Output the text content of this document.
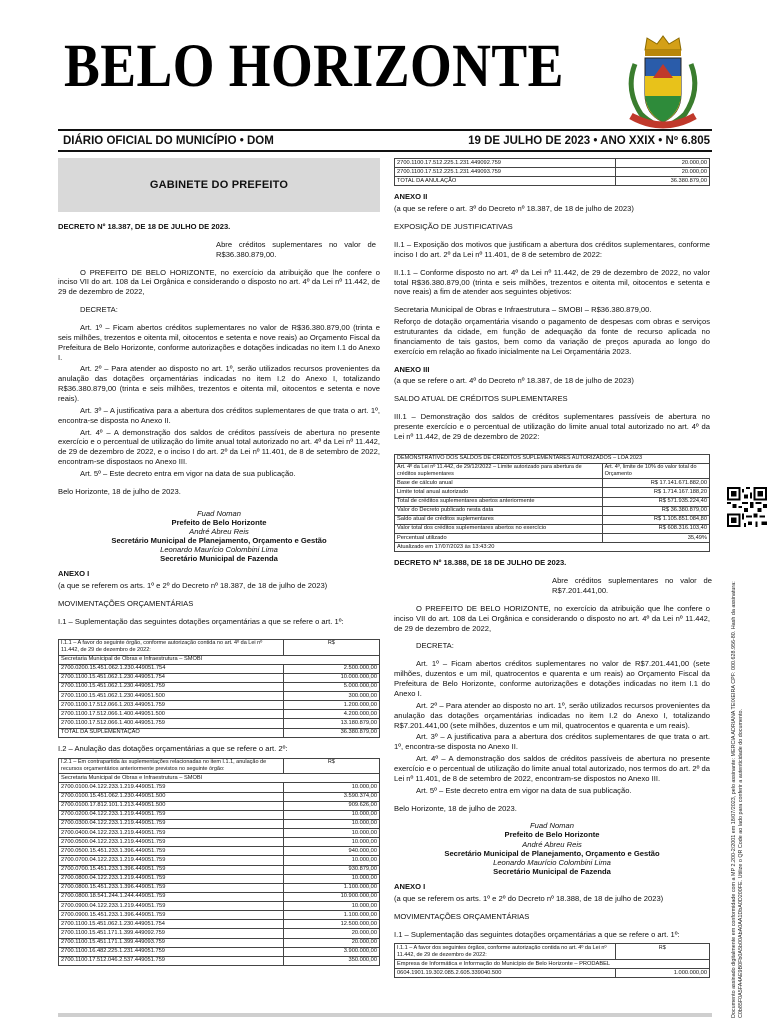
BELO HORIZONTE
DIÁRIO OFICIAL DO MUNICÍPIO • DOM	19 DE JULHO DE 2023 • ANO XXIX • Nº 6.805
GABINETE DO PREFEITO

DECRETO Nº 18.387, DE 18 DE JULHO DE 2023.

Abre créditos suplementares no valor de R$36.380.879,00.

O PREFEITO DE BELO HORIZONTE, no exercício da atribuição que lhe confere o inciso VII do art. 108 da Lei Orgânica e considerando o disposto no art. 4º da Lei nº 11.442, de 29 de dezembro de 2022,

DECRETA:

Art. 1º – Ficam abertos créditos suplementares no valor de R$36.380.879,00 (trinta e seis milhões, trezentos e oitenta mil, oitocentos e setenta e nove reais) ao Orçamento Fiscal da Prefeitura de Belo Horizonte, conforme autorizações e dotações indicadas no item I.1 do Anexo I.

Art. 2º – Para atender ao disposto no art. 1º, serão utilizados recursos provenientes da anulação das dotações orçamentárias indicadas no item I.2 do Anexo I, totalizando R$36.380.879,00 (trinta e seis milhões, trezentos e oitenta mil, oitocentos e setenta e nove reais).

Art. 3º – A justificativa para a abertura dos créditos suplementares de que trata o art. 1º, encontra-se disposta no Anexo II.

Art. 4º – A demonstração dos saldos de créditos passíveis de abertura no presente exercício e o percentual de utilização do limite anual total autorizado no art. 4º da Lei nº 11.442, de 29 de dezembro de 2022, e o inciso I do art. 2º da Lei nº 11.401, de 8 de setembro de 2022, encontram-se dispostaos no Anexo III.

Art. 5º – Este decreto entra em vigor na data de sua publicação.

Belo Horizonte, 18 de julho de 2023.

Fuad Noman
Prefeito de Belo Horizonte
André Abreu Reis
Secretário Municipal de Planejamento, Orçamento e Gestão
Leonardo Maurício Colombini Lima
Secretário Municipal de Fazenda

ANEXO I

(a que se referem os arts. 1º e 2º do Decreto nº 18.387, de 18 de julho de 2023)

MOVIMENTAÇÕES ORÇAMENTÁRIAS

I.1 – Suplementação das seguintes dotações orçamentárias a que se refere o art. 1º:

I.1.1 – A favor do seguinte órgão, conforme autorização contida no art. 4º da Lei nº 11.442, de 29 de dezembro de 2022:	R$
Secretaria Municipal de Obras e Infraestrutura – SMOBI	
2700.0200.15.451.062.1.230.449051.754	2.500.000,00
2700.1100.15.451.062.1.230.449051.754	10.000.000,00
2700.1100.15.451.062.1.230.449051.759	5.000.000,00
2700.1100.15.451.062.1.230.449051.500	300.000,00
2700.1100.17.512.066.1.203.449051.759	1.200.000,00
2700.1100.17.512.066.1.400.449051.500	4.200.000,00
2700.1100.17.512.066.1.400.449051.759	13.180.879,00
TOTAL DA SUPLEMENTAÇÃO	36.380.879,00

I.2 – Anulação das dotações orçamentárias a que se refere o art. 2º:

I.2.1 – Em contrapartida às suplementações relacionadas no item I.1.1, anulação de recursos orçamentários anteriormente previstos no seguinte órgão:	R$
Secretaria Municipal de Obras e Infraestrutura – SMOBI	
2700.0100.04.122.233.1.219.449051.759	10.000,00
2700.0100.15.451.062.1.230.449051.500	3.590.374,00
2700.0100.17.812.101.1.213.449051.500	909.626,00
2700.0200.04.122.233.1.219.449051.759	10.000,00
2700.0300.04.122.233.1.219.449051.759	10.000,00
2700.0400.04.122.233.1.219.449051.759	10.000,00
2700.0500.04.122.233.1.219.449051.759	10.000,00
2700.0500.15.451.233.1.396.449051.759	940.000,00
2700.0700.04.122.233.1.219.449051.759	10.000,00
2700.0700.15.451.233.1.396.449051.759	930.879,00
2700.0800.04.122.233.1.219.449051.759	10.000,00
2700.0800.15.451.233.1.396.449051.759	1.100.000,00
2700.0800.18.541.244.1.244.449051.759	10.900.000,00
2700.0900.04.122.233.1.219.449051.759	10.000,00
2700.0900.15.451.233.1.396.449051.759	1.100.000,00
2700.1100.15.451.062.1.230.449051.754	12.500.000,00
2700.1100.15.451.171.1.399.449092.759	20.000,00
2700.1100.15.451.171.1.399.449093.759	20.000,00
2700.1100.16.482.225.1.231.449051.759	3.900.000,00
2700.1100.17.512.046.2.537.449051.759	350.000,00
2700.1100.17.512.225.1.231.449092.759	20.000,00
2700.1100.17.512.225.1.231.449093.759	20.000,00
TOTAL DA ANULAÇÃO	36.380.879,00

ANEXO II

(a que se refere o art. 3º do Decreto nº 18.387, de 18 de julho de 2023)

EXPOSIÇÃO DE JUSTIFICATIVAS

II.1 – Exposição dos motivos que justificam a abertura dos créditos suplementares, conforme inciso I do art. 2º da Lei nº 11.401, de 8 de setembro de 2022:

II.1.1 – Conforme disposto no art. 4º da Lei nº 11.442, de 29 de dezembro de 2022, no valor total R$36.380.879,00 (trinta e seis milhões, trezentos e oitenta mil, oitocentos e setenta e nove reais) a fim de atender aos seguintes objetivos:

Secretaria Municipal de Obras e Infraestrutura – SMOBI – R$36.380.879,00.

Reforço de dotação orçamentária visando o pagamento de despesas com obras e serviços estruturantes da cidade, em função de adequação da fonte de recurso aplicada no financiamento de tais gastos, bem como da variação de preços apurada ao longo do exercício em relação ao fixado inicialmente na Lei Orçamentária 2023.

ANEXO III

(a que se refere o art. 4º do Decreto nº 18.387, de 18 de julho de 2023)

SALDO ATUAL DE CRÉDITOS SUPLEMENTARES

III.1 – Demonstração dos saldos de créditos suplementares passíveis de abertura no presente exercício e o percentual de utilização do limite anual total autorizado no art. 4º da Lei nº 11.442, de 29 de dezembro de 2022:

DEMONSTRATIVO DOS SALDOS DE CRÉDITOS SUPLEMENTARES AUTORIZADOS – LOA 2023	
Art. 4º da Lei nº 11.442, de 29/12/2022 – Limite autorizado para abertura de créditos suplementares	Art. 4º, limite de 10% do valor total do Orçamento
Base de cálculo anual	R$ 17.141.671.882,00
Limite total anual autorizado	R$ 1.714.167.188,20
Total de créditos suplementares abertos anteriormente	R$ 571.935.224,40
Valor do Decreto publicado nesta data	R$ 36.380.879,00
Saldo atual de créditos suplementares	R$ 1.105.851.084,80
Valor total dos créditos suplementares abertos no exercício	R$ 608.316.103,40
Percentual utilizado	35,49%
Atualizado em 17/07/2023 às 13:43:20	

DECRETO Nº 18.388, DE 18 DE JULHO DE 2023.

Abre créditos suplementares no valor de R$7.201.441,00.

O PREFEITO DE BELO HORIZONTE, no exercício da atribuição que lhe confere o inciso VII do art. 108 da Lei Orgânica e considerando o disposto no art. 4º da Lei nº 11.442, de 29 de dezembro de 2022,

DECRETA:

Art. 1º – Ficam abertos créditos suplementares no valor de R$7.201.441,00 (sete milhões, duzentos e um mil, quatrocentos e quarenta e um reais) ao Orçamento Fiscal da Prefeitura de Belo Horizonte, conforme autorizações e dotações indicadas no item I.1 do Anexo I.

Art. 2º – Para atender ao disposto no art. 1º, serão utilizados recursos provenientes da anulação das dotações orçamentárias indicadas no item I.2 do Anexo I, totalizando R$7.201.441,00 (sete milhões, duzentos e um mil, quatrocentos e quarenta e um reais).

Art. 3º – A justificativa para a abertura dos créditos suplementares de que trata o art. 1º, encontra-se disposta no Anexo II.

Art. 4º – A demonstração dos saldos de créditos passíveis de abertura no presente exercício e o percentual de utilização do limite anual total autorizado, nos termos do art. 2º da Lei nº 11.401, de 8 de setembro de 2022, encontram-se dispostos no Anexo III.

Art. 5º – Este decreto entra em vigor na data de sua publicação.

Belo Horizonte, 18 de julho de 2023.

Fuad Noman
Prefeito de Belo Horizonte
André Abreu Reis
Secretário Municipal de Planejamento, Orçamento e Gestão
Leonardo Maurício Colombini Lima
Secretário Municipal de Fazenda

ANEXO I

(a que se referem os arts. 1º e 2º do Decreto nº 18.388, de 18 de julho de 2023)

MOVIMENTAÇÕES ORÇAMENTÁRIAS

I.1 – Suplementação das seguintes dotações orçamentárias a que se refere o art. 1º:

I.1.1 – A favor dos seguintes órgãos, conforme autorização contida no art. 4º da Lei nº 11.442, de 29 de dezembro de 2022:	R$
Empresa de Informática e Informação do Município de Belo Horizonte – PRODABEL	
0604.1901.19.302.085.2.605.339040.500	1.000.000,00	Documento assinado digitalmente em conformidade com a MP 2.200-2/2001 em 18/07/2023, pelo assinante: MERCIA ADRIANA TEIXEIRA CPF: 000.628.956-80. Hash da assinatura: C0b85F0A5FA4AE9B0Fb0A5b00AbA0AA1DbA0D200FE. Utilize o QR Code ao lado para conferir a autenticidade do documento.
